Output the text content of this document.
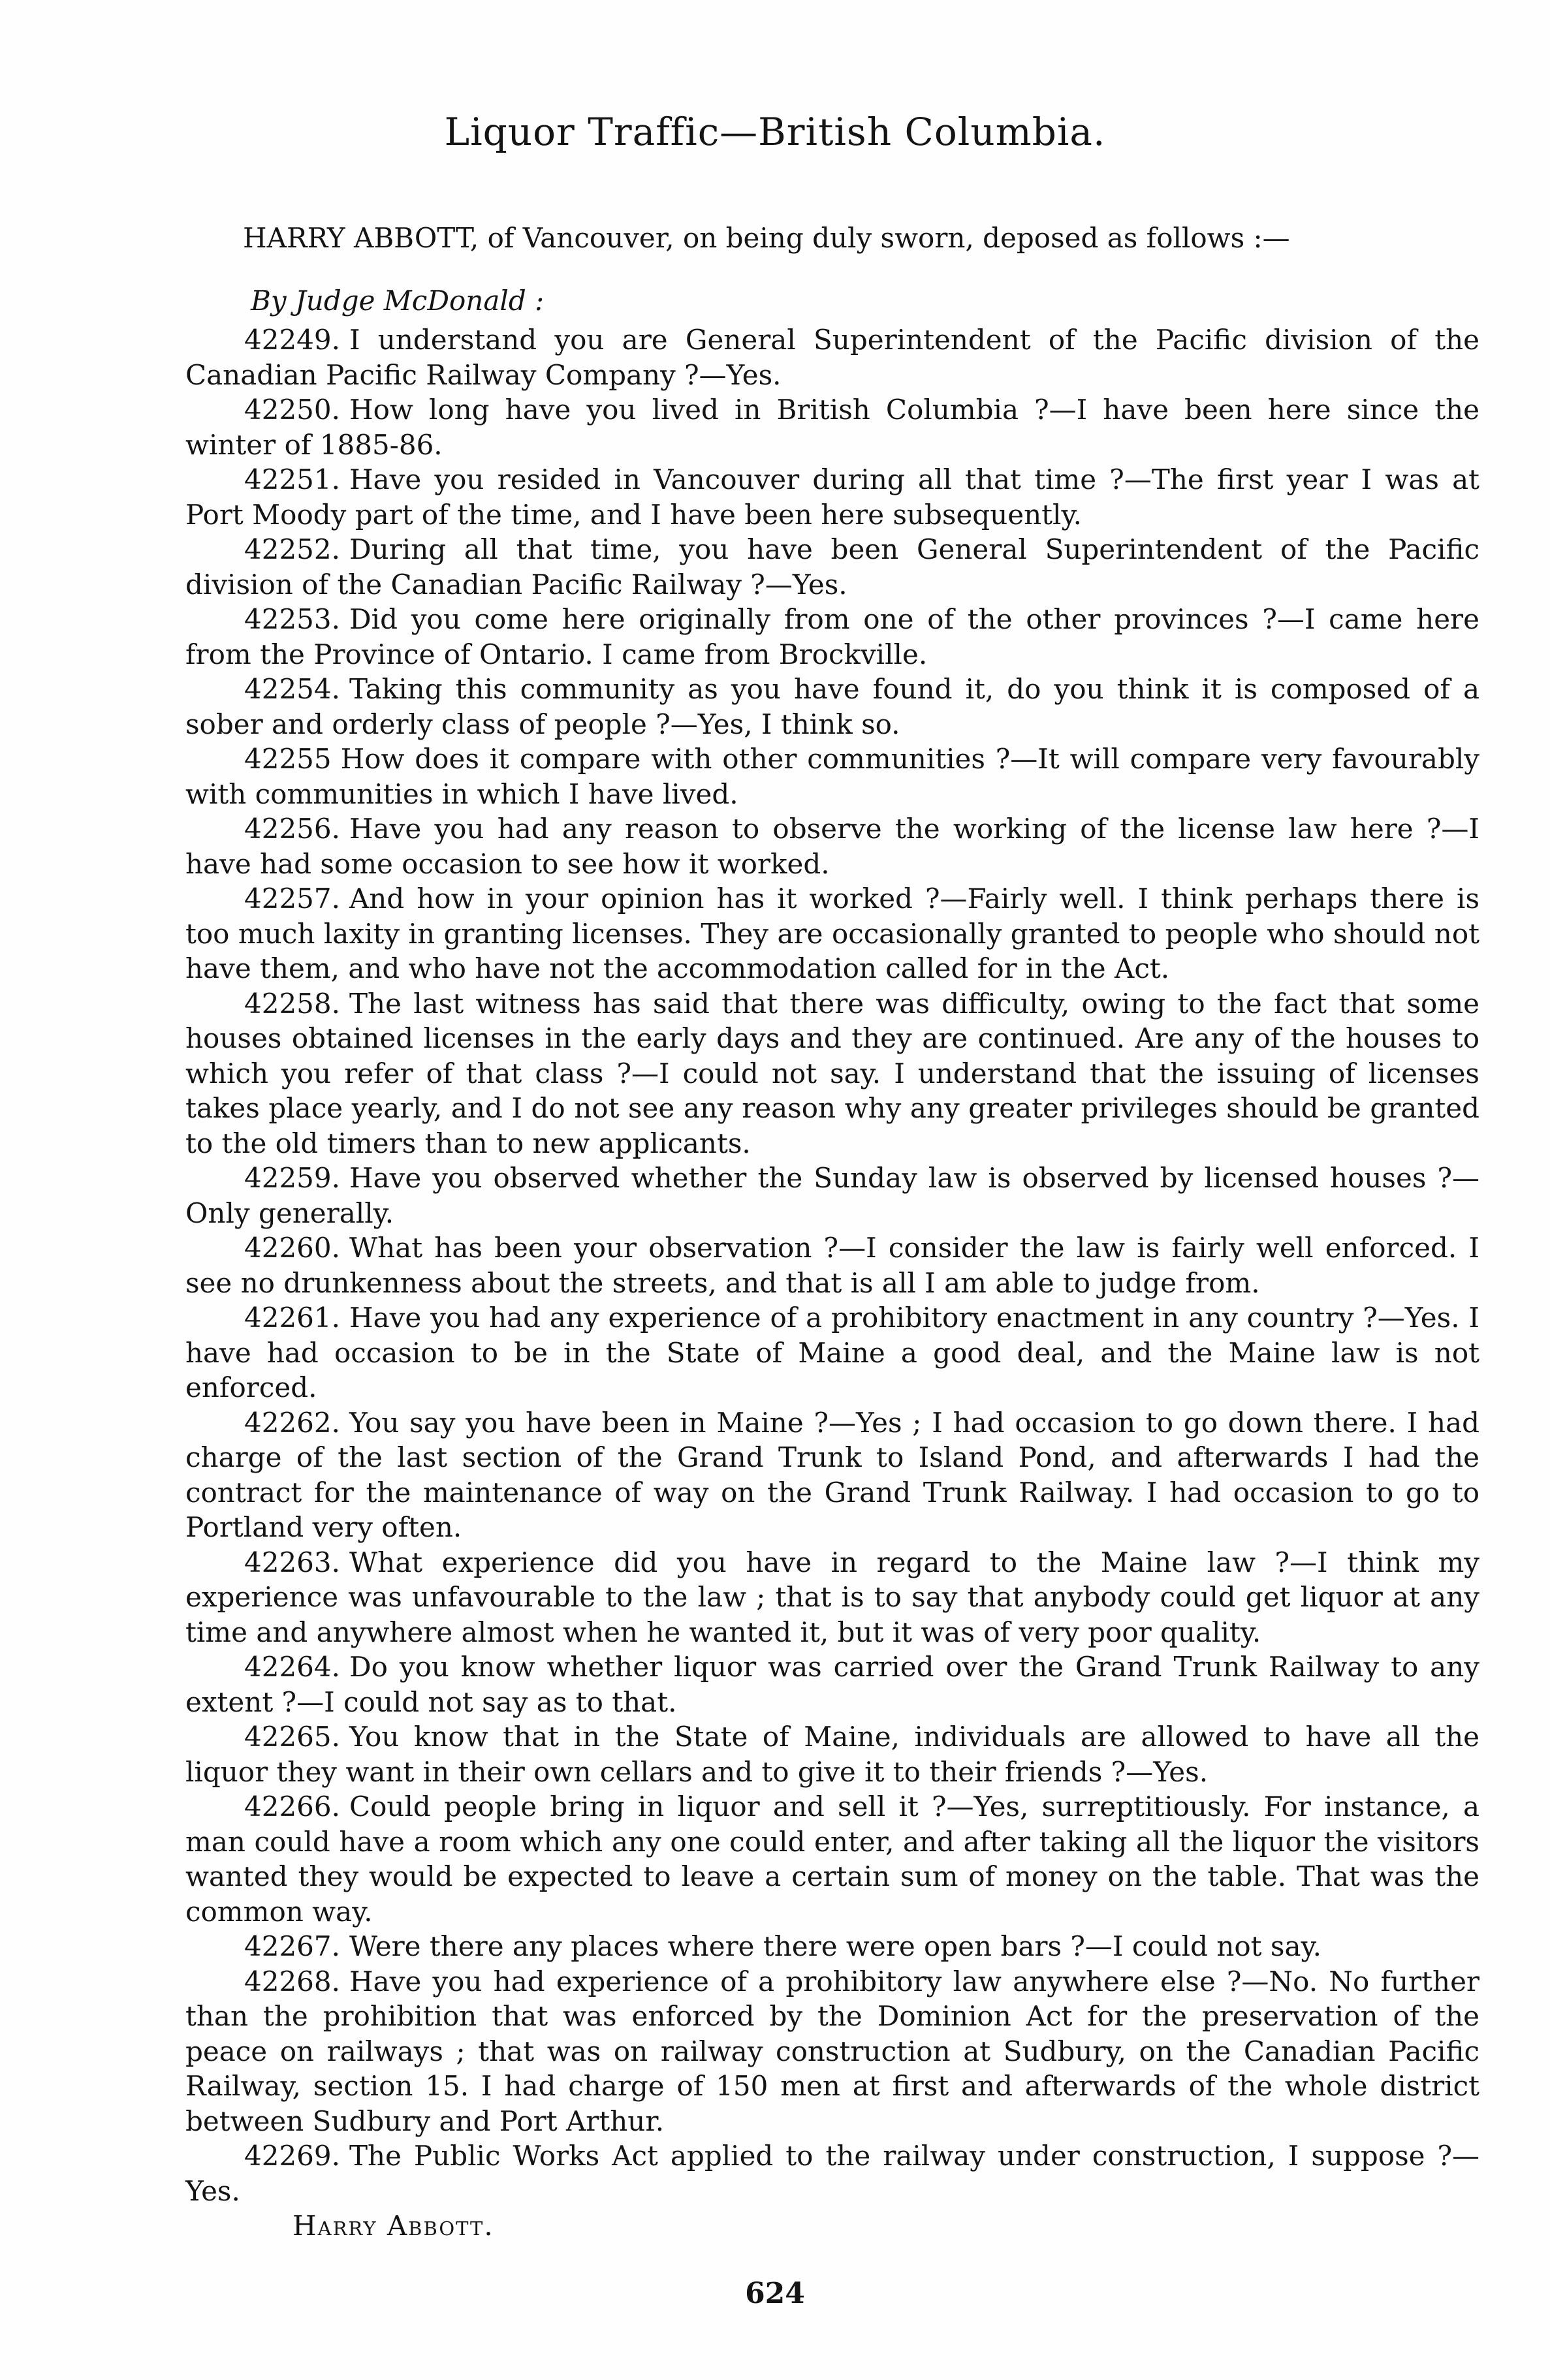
Liquor Traffic—British Columbia.
HARRY ABBOTT, of Vancouver, on being duly sworn, deposed as follows :—
By Judge McDonald :

42249. I understand you are General Superintendent of the Pacific division of the Canadian Pacific Railway Company ?—Yes.

42250. How long have you lived in British Columbia ?—I have been here since the winter of 1885-86.

42251. Have you resided in Vancouver during all that time ?—The first year I was at Port Moody part of the time, and I have been here subsequently.

42252. During all that time, you have been General Superintendent of the Pacific division of the Canadian Pacific Railway ?—Yes.

42253. Did you come here originally from one of the other provinces ?—I came here from the Province of Ontario. I came from Brockville.

42254. Taking this community as you have found it, do you think it is composed of a sober and orderly class of people ?—Yes, I think so.

42255 How does it compare with other communities ?—It will compare very favourably with communities in which I have lived.

42256. Have you had any reason to observe the working of the license law here ?—I have had some occasion to see how it worked.

42257. And how in your opinion has it worked ?—Fairly well. I think perhaps there is too much laxity in granting licenses. They are occasionally granted to people who should not have them, and who have not the accommodation called for in the Act.

42258. The last witness has said that there was difficulty, owing to the fact that some houses obtained licenses in the early days and they are continued. Are any of the houses to which you refer of that class ?—I could not say. I understand that the issuing of licenses takes place yearly, and I do not see any reason why any greater privileges should be granted to the old timers than to new applicants.

42259. Have you observed whether the Sunday law is observed by licensed houses ?—Only generally.

42260. What has been your observation ?—I consider the law is fairly well enforced. I see no drunkenness about the streets, and that is all I am able to judge from.

42261. Have you had any experience of a prohibitory enactment in any country ?—Yes. I have had occasion to be in the State of Maine a good deal, and the Maine law is not enforced.

42262. You say you have been in Maine ?—Yes ; I had occasion to go down there. I had charge of the last section of the Grand Trunk to Island Pond, and afterwards I had the contract for the maintenance of way on the Grand Trunk Railway. I had occasion to go to Portland very often.

42263. What experience did you have in regard to the Maine law ?—I think my experience was unfavourable to the law ; that is to say that anybody could get liquor at any time and anywhere almost when he wanted it, but it was of very poor quality.

42264. Do you know whether liquor was carried over the Grand Trunk Railway to any extent ?—I could not say as to that.

42265. You know that in the State of Maine, individuals are allowed to have all the liquor they want in their own cellars and to give it to their friends ?—Yes.

42266. Could people bring in liquor and sell it ?—Yes, surreptitiously. For instance, a man could have a room which any one could enter, and after taking all the liquor the visitors wanted they would be expected to leave a certain sum of money on the table. That was the common way.

42267. Were there any places where there were open bars ?—I could not say.

42268. Have you had experience of a prohibitory law anywhere else ?—No. No further than the prohibition that was enforced by the Dominion Act for the preservation of the peace on railways ; that was on railway construction at Sudbury, on the Canadian Pacific Railway, section 15. I had charge of 150 men at first and afterwards of the whole district between Sudbury and Port Arthur.

42269. The Public Works Act applied to the railway under construction, I suppose ?—Yes.

Harry Abbott.

624
